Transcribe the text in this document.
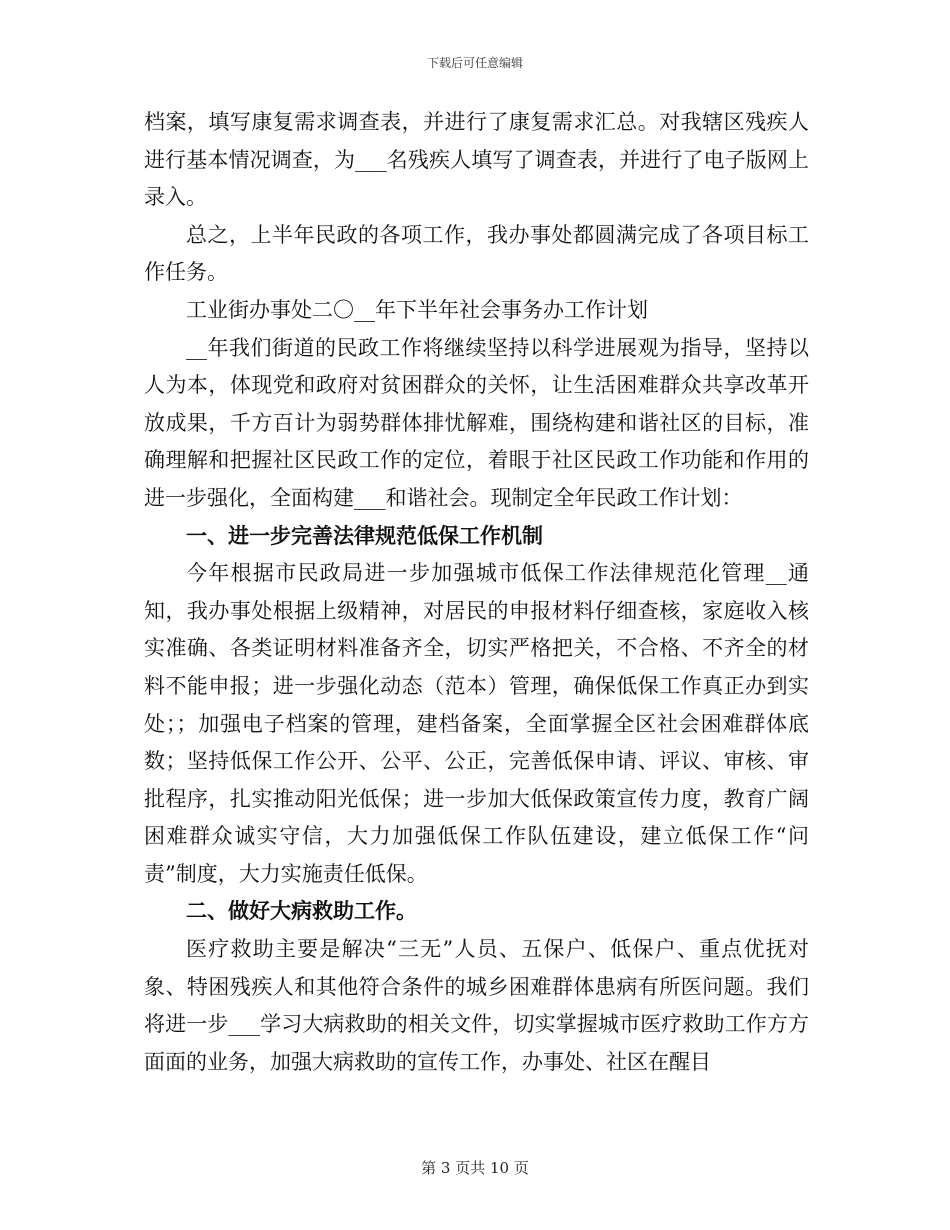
下载后可任意编辑

档案，填写康复需求调查表，并进行了康复需求汇总。对我辖区残疾人进行基本情况调查，为___名残疾人填写了调查表，并进行了电子版网上录入。

总之，上半年民政的各项工作，我办事处都圆满完成了各项目标工作任务。

工业街办事处二〇__年下半年社会事务办工作计划

__年我们街道的民政工作将继续坚持以科学进展观为指导，坚持以人为本，体现党和政府对贫困群众的关怀，让生活困难群众共享改革开放成果，千方百计为弱势群体排忧解难，围绕构建和谐社区的目标，准确理解和把握社区民政工作的定位，着眼于社区民政工作功能和作用的进一步强化，全面构建___和谐社会。现制定全年民政工作计划：

一、进一步完善法律规范低保工作机制

今年根据市民政局进一步加强城市低保工作法律规范化管理__通知，我办事处根据上级精神，对居民的申报材料仔细查核，家庭收入核实准确、各类证明材料准备齐全，切实严格把关，不合格、不齐全的材料不能申报；进一步强化动态（范本）管理，确保低保工作真正办到实处；；加强电子档案的管理，建档备案，全面掌握全区社会困难群体底数；坚持低保工作公开、公平、公正，完善低保申请、评议、审核、审批程序，扎实推动阳光低保；进一步加大低保政策宣传力度，教育广阔困难群众诚实守信，大力加强低保工作队伍建设，建立低保工作“问责”制度，大力实施责任低保。

二、做好大病救助工作。

医疗救助主要是解决“三无”人员、五保户、低保户、重点优抚对象、特困残疾人和其他符合条件的城乡困难群体患病有所医问题。我们将进一步___学习大病救助的相关文件，切实掌握城市医疗救助工作方方面面的业务，加强大病救助的宣传工作，办事处、社区在醒目

第 3 页共 10 页
